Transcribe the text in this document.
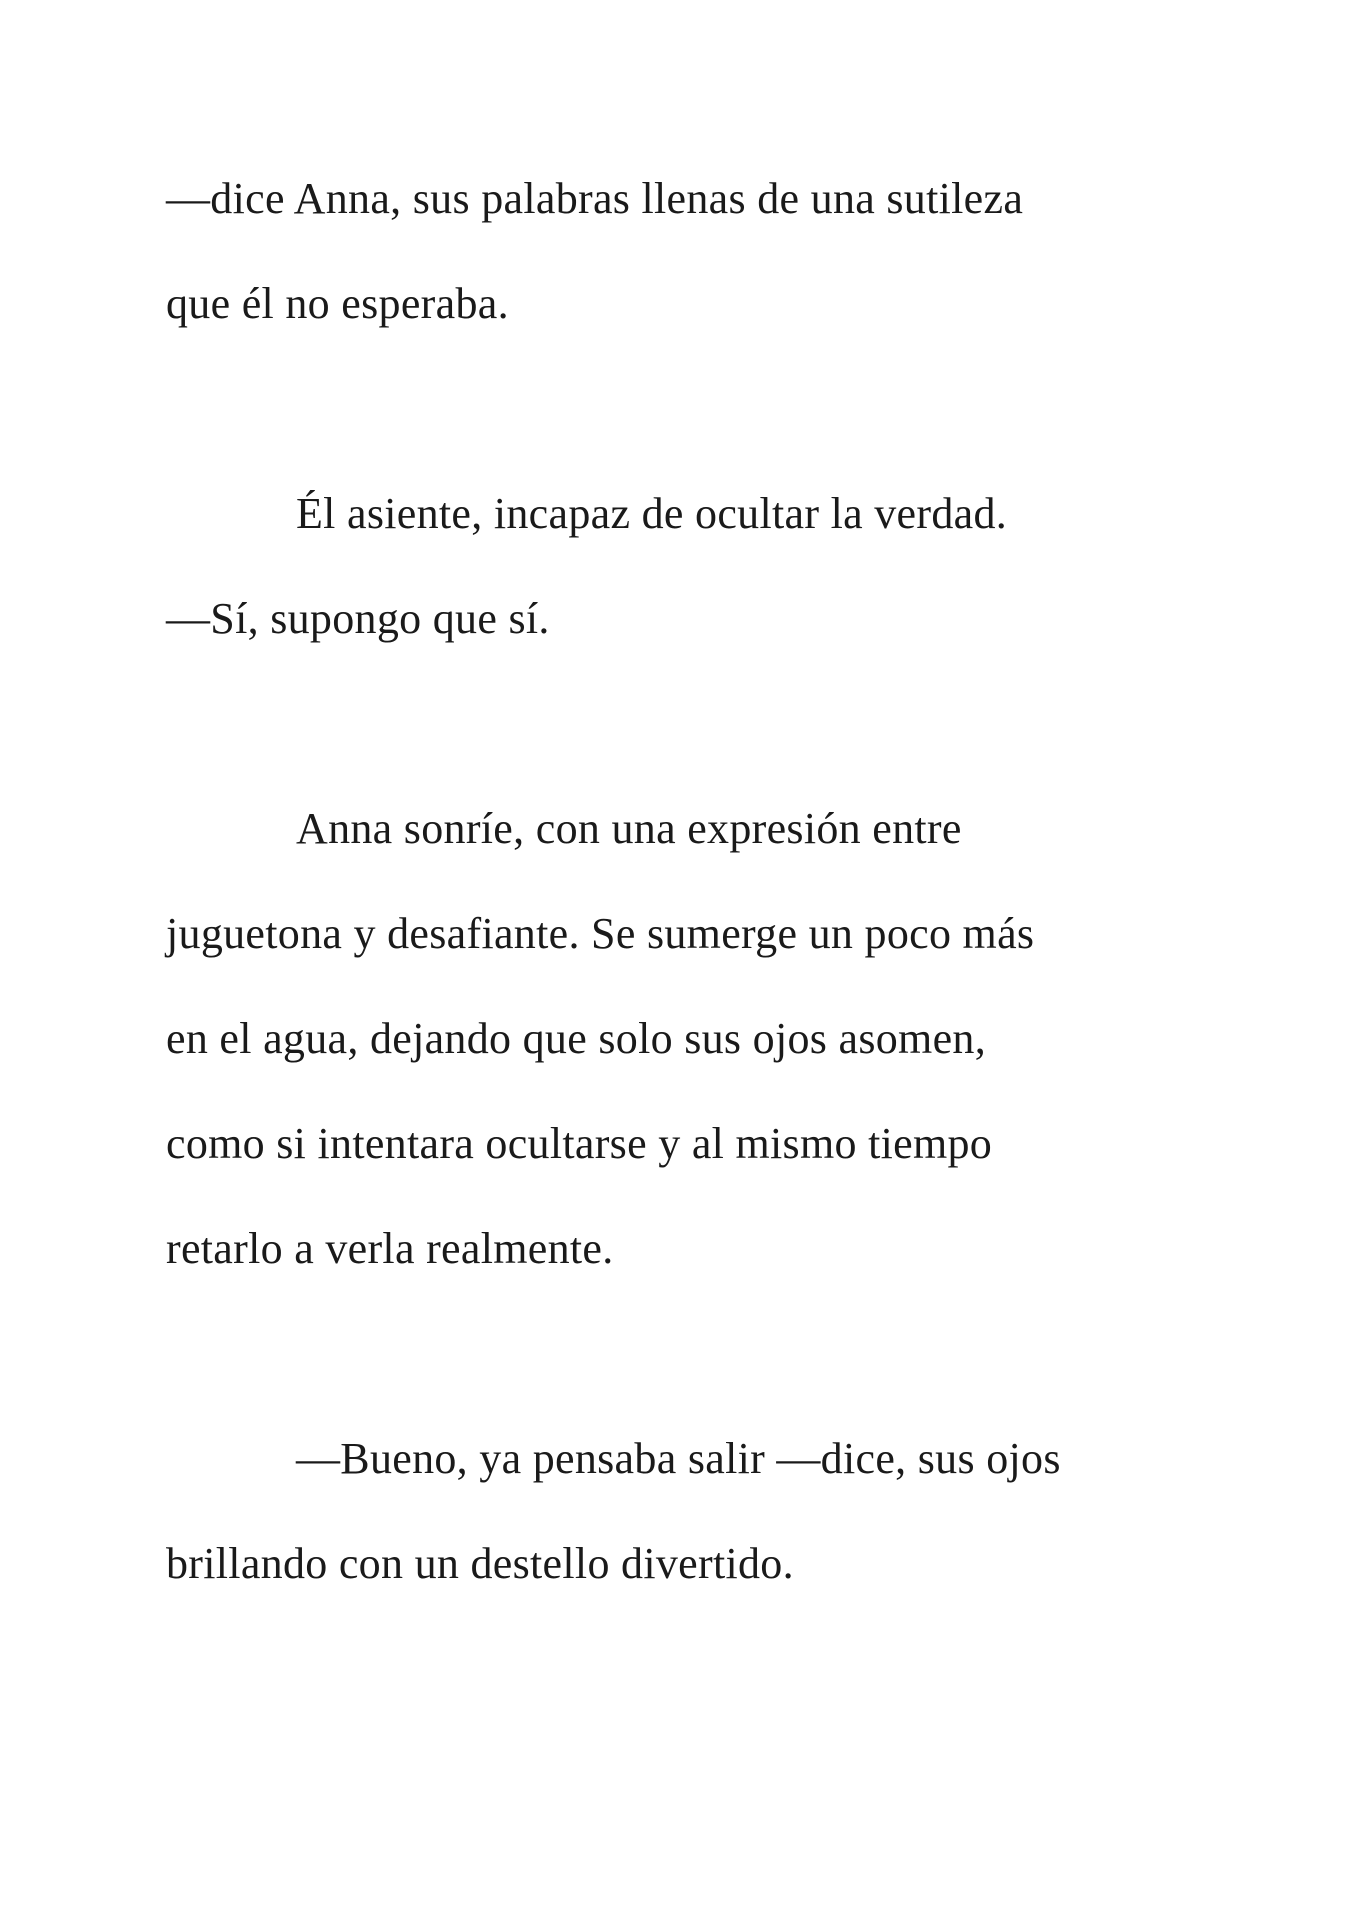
—dice Anna, sus palabras llenas de una sutileza
que él no esperaba.
Él asiente, incapaz de ocultar la verdad.
—Sí, supongo que sí.
Anna sonríe, con una expresión entre
juguetona y desafiante. Se sumerge un poco más
en el agua, dejando que solo sus ojos asomen,
como si intentara ocultarse y al mismo tiempo
retarlo a verla realmente.
—Bueno, ya pensaba salir —dice, sus ojos
brillando con un destello divertido.
